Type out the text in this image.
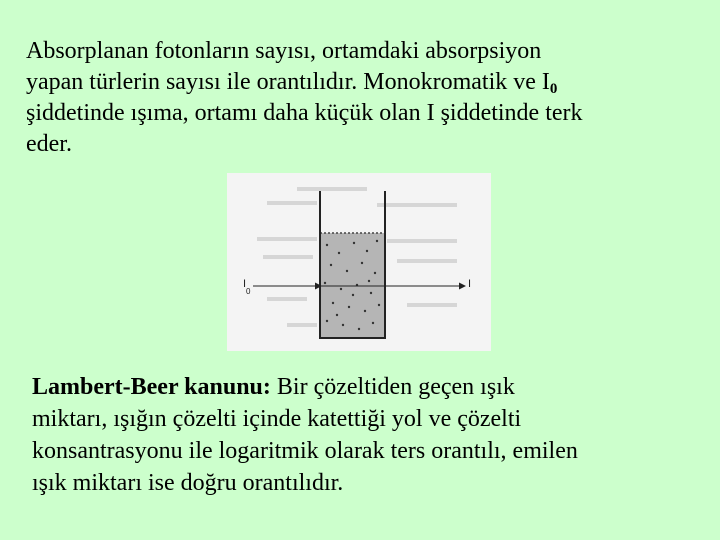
Absorplanan fotonların sayısı, ortamdaki absorpsiyon
yapan türlerin sayısı ile orantılıdır. Monokromatik ve $I_0$
şiddetinde ışıma, ortamı daha küçük olan I şiddetinde terk
eder.

I
0
I

Lambert-Beer kanunu: Bir çözeltiden geçen ışık
miktarı, ışığın çözelti içinde katettiği yol ve çözelti
konsantrasyonu ile logaritmik olarak ters orantılı, emilen
ışık miktarı ise doğru orantılıdır.
